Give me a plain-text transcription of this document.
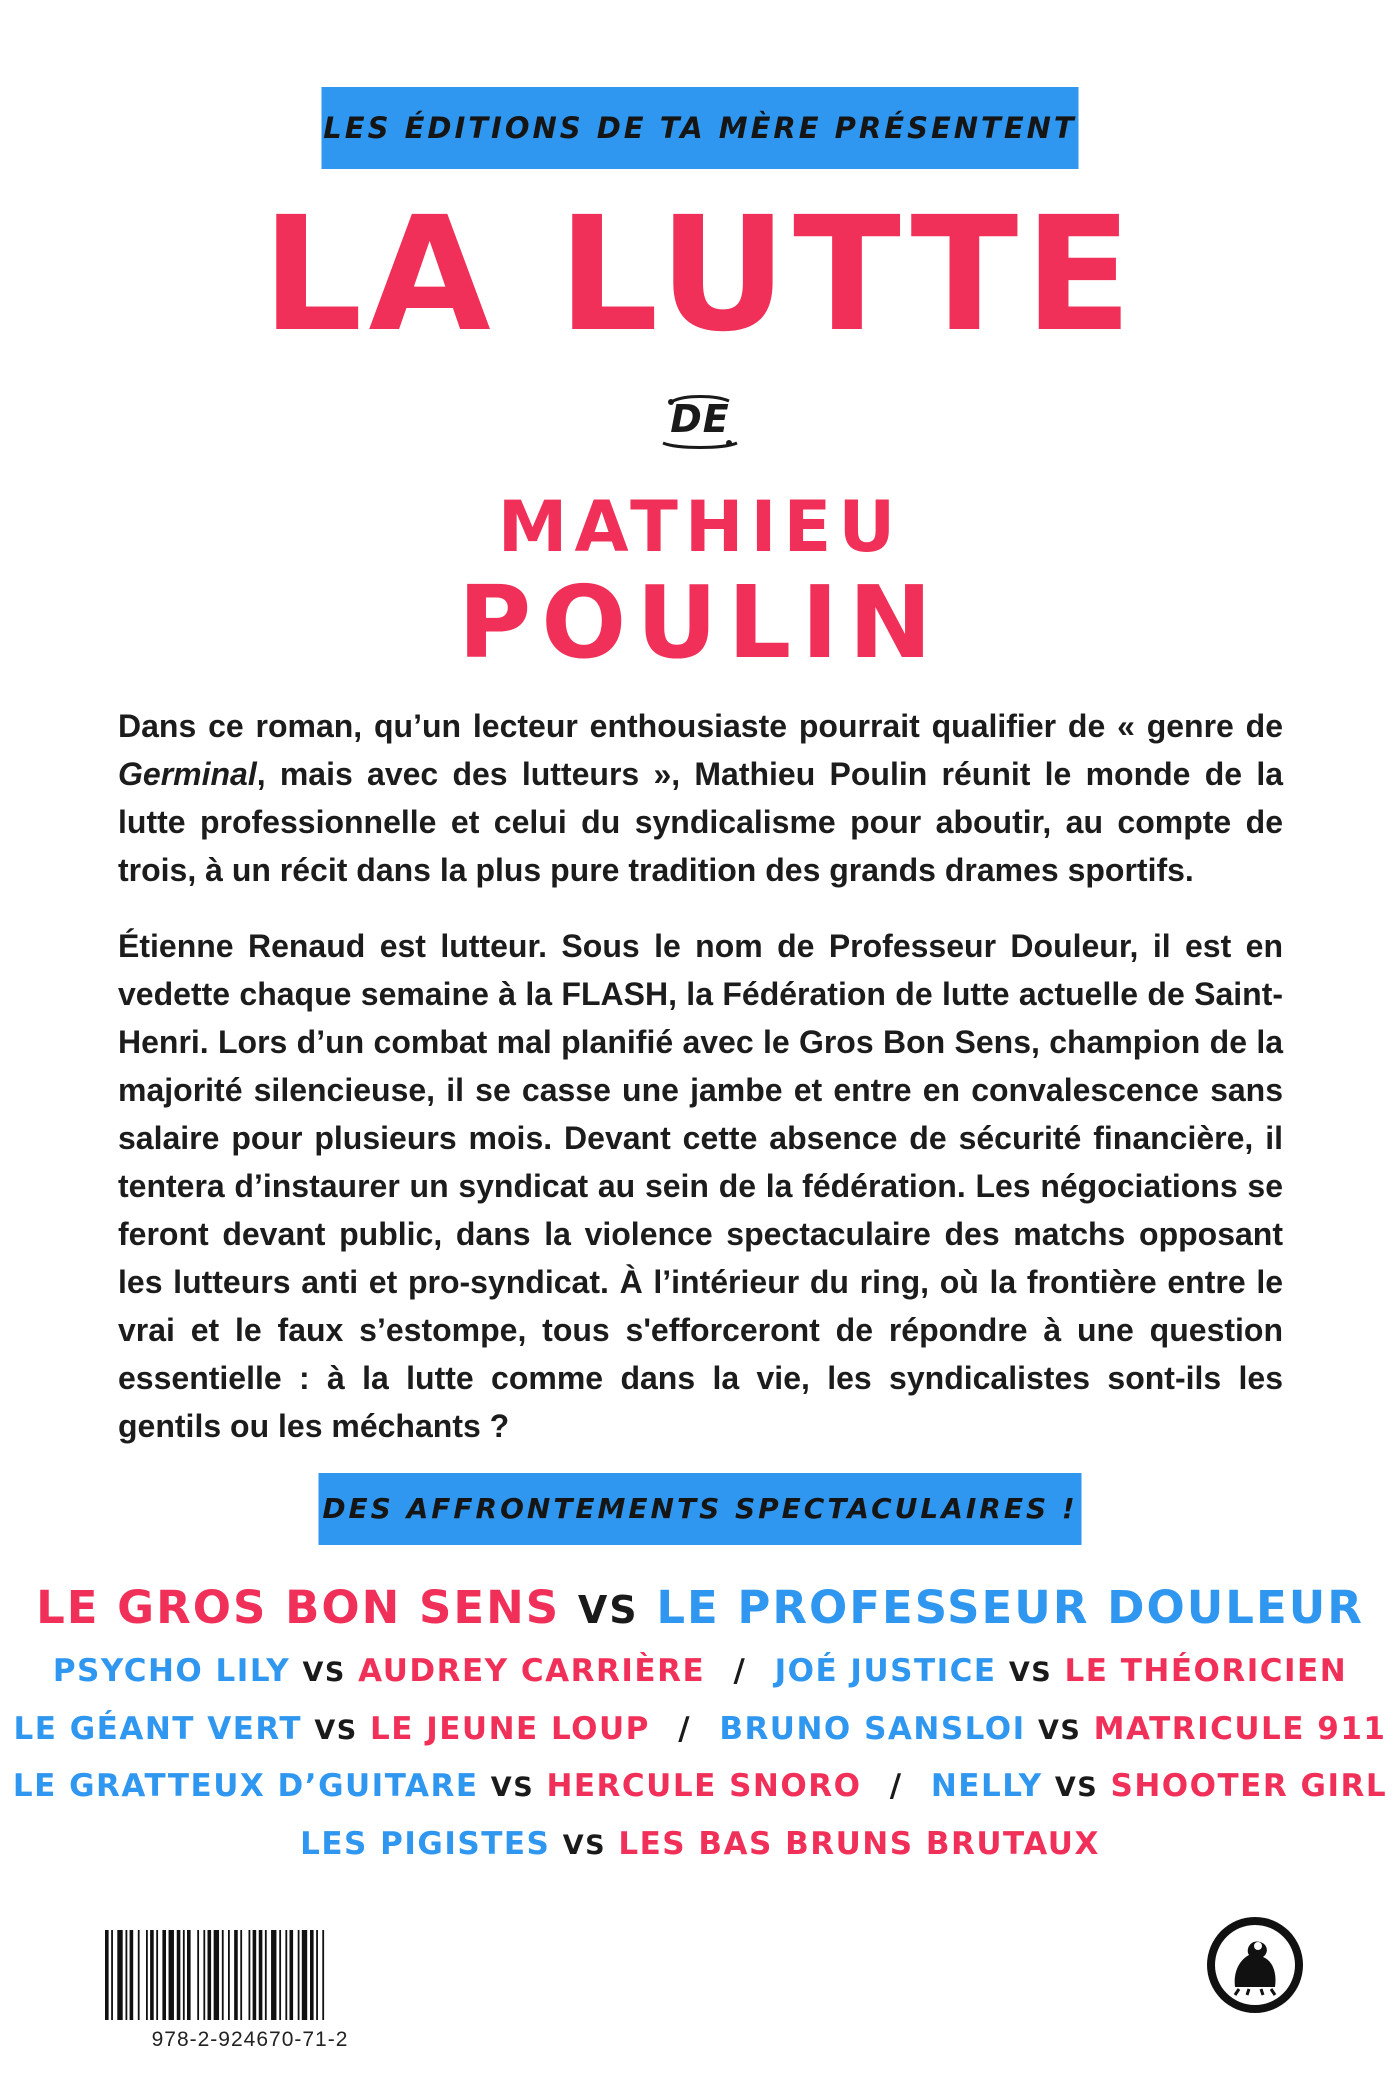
LES ÉDITIONS DE TA MÈRE PRÉSENTENT
LA LUTTE
DE
MATHIEU
POULIN

Dans ce roman, qu’un lecteur enthousiaste pourrait qualifier de « genre de Germinal, mais avec des lutteurs », Mathieu Poulin réunit le monde de la lutte professionnelle et celui du syndicalisme pour aboutir, au compte de trois, à un récit dans la plus pure tradition des grands drames sportifs.

Étienne Renaud est lutteur. Sous le nom de Professeur Douleur, il est en vedette chaque semaine à la FLASH, la Fédération de lutte actuelle de Saint-Henri. Lors d’un combat mal planifié avec le Gros Bon Sens, champion de la majorité silencieuse, il se casse une jambe et entre en convalescence sans salaire pour plusieurs mois. Devant cette absence de sécurité financière, il tentera d’instaurer un syndicat au sein de la fédération. Les négociations se feront devant public, dans la violence spectaculaire des matchs opposant les lutteurs anti et pro-syndicat. À l’intérieur du ring, où la frontière entre le vrai et le faux s’estompe, tous s'efforceront de répondre à une question essentielle : à la lutte comme dans la vie, les syndicalistes sont-ils les gentils ou les méchants ?

DES AFFRONTEMENTS SPECTACULAIRES !
LE GROS BON SENS VS LE PROFESSEUR DOULEUR
PSYCHO LILY VS AUDREY CARRIÈRE / JOÉ JUSTICE VS LE THÉORICIEN
LE GÉANT VERT VS LE JEUNE LOUP / BRUNO SANSLOI VS MATRICULE 911
LE GRATTEUX D’GUITARE VS HERCULE SNORO / NELLY VS SHOOTER GIRL
LES PIGISTES VS LES BAS BRUNS BRUTAUX
978-2-924670-71-2
